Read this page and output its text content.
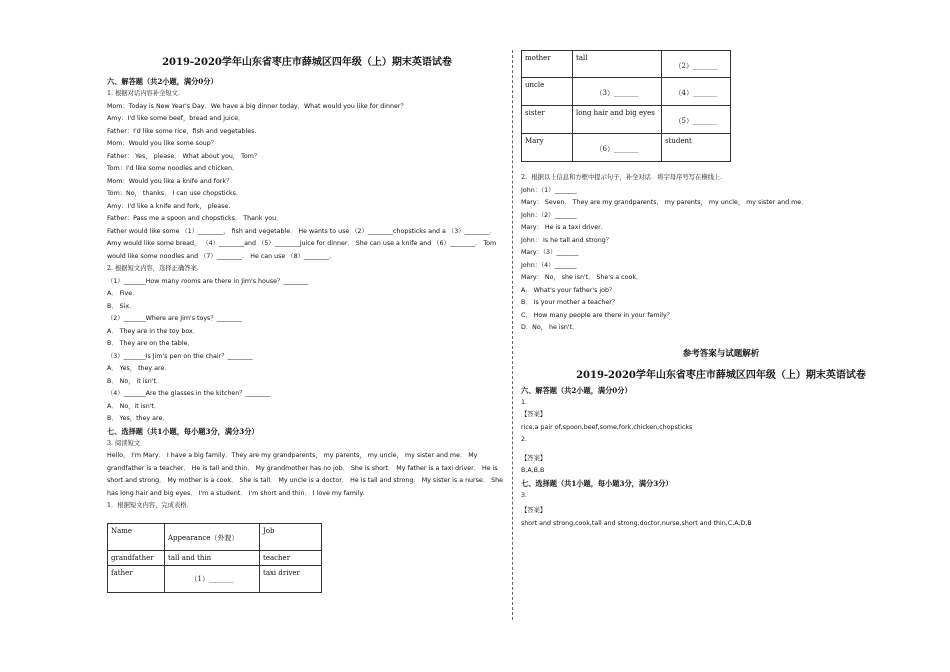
2019-2020学年山东省枣庄市薛城区四年级（上）期末英语试卷

六、解答题（共2小题，满分0分）

1. 根据对话内容补全短文.

Mom：Today is New Year's Day．We have a big dinner today．What would you like for dinner？

Amy：I'd like some beef，bread and juice．

Father：I'd like some rice，fish and vegetables.

Mom：Would you like some soup？

Father： Yes， please． What about you， Tom？

Tom：I'd like some noodles and chicken．

Mom：Would you like a knife and fork？

Tom：No， thanks． I can use chopsticks．

Amy：I'd like a knife and fork， please.

Father：Pass me a spoon and chopsticks． Thank you．

Father would like some （1）________， fish and vegetable． He wants to use （2）________chopsticks and a （3）________． Amy would like some bread， （4）________and （5）________juice for dinner． She can use a knife and （6）________． Tom would like some noodles and （7）________． He can use （8）________．

2. 根据短文内容，选择正确答案.

（1）_______How many rooms are there in Jim's house？________

A． Five．

B． Six．

（2）_______Where are Jim's toys？________

A． They are in the toy box．

B． They are on the table．

（3）_______Is Jim's pen on the chair？________

A． Yes， they are．

B． No， it isn't．

（4）_______Are the glasses in the kitchen？________

A． No，it isn't．

B． Yes，they are．

七、选择题（共1小题，每小题3分，满分3分）

3. 阅读短文

Hello， I'm Mary． I have a big family．They are my grandparents， my parents， my uncle， my sister and me． My grandfather is a teacher． He is tall and thin． My grandmother has no job． She is short． My father is a taxi driver． He is short and strong． My mother is a cook． She is tall． My uncle is a doctor． He is tall and strong． My sister is a nurse． She has long hair and big eyes． I'm a student． I'm short and thin． I love my family.

1．根据短文内容，完成表格．

Name	Appearance（外貌）	Job
grandfather	tall and thin	teacher
father	（1）_______	taxi driver
mother	tall	（2）_______
uncle	（3）_______	（4）_______
sister	long hair and big eyes	（5）_______
Mary	（6）_______	student

2．根据以上信息和方框中提示句子，补全对话．将字母序号写在横线上.

John：（1）_______

Mary： Seven． They are my grandparents， my parents， my uncle， my sister and me．

John：（2）_______

Mary： He is a taxi driver．

John： Is he tall and strong？

Mary：（3）_______

John：（4）_______

Mary： No， she isn't． She's a cook．

A． What's your father's job？

B． Is your mother a teacher？

C． How many people are there in your family？

D．No， he isn't．

参考答案与试题解析

2019-2020学年山东省枣庄市薛城区四年级（上）期末英语试卷

六、解答题（共2小题，满分0分）

1.

【答案】

rice,a pair of,spoon,beef,some,fork,chicken,chopsticks

2.

【答案】

B,A,B,B

七、选择题（共1小题，每小题3分，满分3分）

3.

【答案】

short and strong,cook,tall and strong,doctor,nurse,short and thin,C,A,D,B
